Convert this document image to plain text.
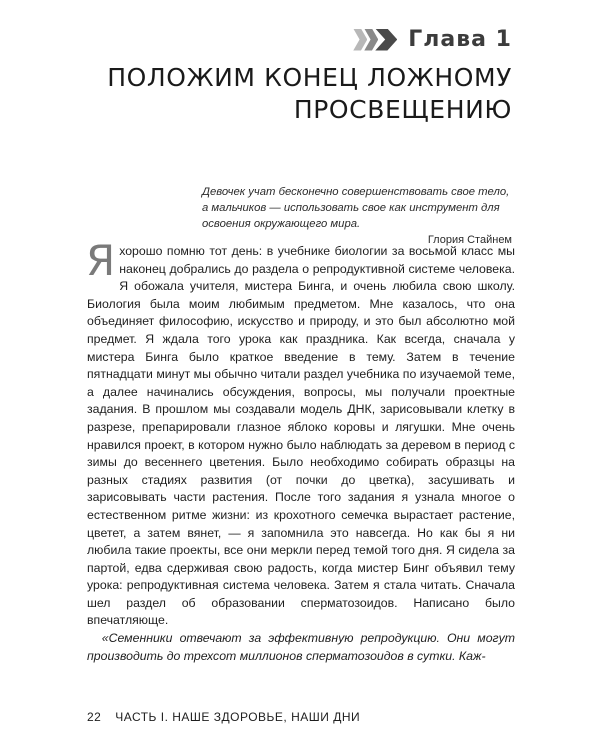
Глава 1
ПОЛОЖИМ КОНЕЦ ЛОЖНОМУ
ПРОСВЕЩЕНИЮ
Девочек учат бесконечно совершенствовать свое тело, а мальчиков — использовать свое как инструмент для освоения окружающего мира.
Глория Стайнем

Я хорошо помню тот день: в учебнике биологии за восьмой класс мы наконец добрались до раздела о репродуктивной системе человека. Я обожала учителя, мистера Бинга, и очень любила свою школу. Биология была моим любимым предметом. Мне казалось, что она объединяет философию, искусство и природу, и это был абсолютно мой предмет. Я ждала того урока как праздника. Как всегда, сначала у мистера Бинга было краткое введение в тему. Затем в течение пятнадцати минут мы обычно читали раздел учебника по изучаемой теме, а далее начинались обсуждения, вопросы, мы получали проектные задания. В прошлом мы создавали модель ДНК, зарисовывали клетку в разрезе, препарировали глазное яблоко коровы и лягушки. Мне очень нравился проект, в котором нужно было наблюдать за деревом в период с зимы до весеннего цветения. Было необходимо собирать образцы на разных стадиях развития (от почки до цветка), засушивать и зарисовывать части растения. После того задания я узнала многое о естественном ритме жизни: из крохотного семечка вырастает растение, цветет, а затем вянет, — я запомнила это навсегда. Но как бы я ни любила такие проекты, все они меркли перед темой того дня. Я сидела за партой, едва сдерживая свою радость, когда мистер Бинг объявил тему урока: репродуктивная система человека. Затем я стала читать. Сначала шел раздел об образовании сперматозоидов. Написано было впечатляюще.

«Семенники отвечают за эффективную репродукцию. Они могут производить до трехсот миллионов сперматозоидов в сутки. Каж-

22 ЧАСТЬ I. НАШЕ ЗДОРОВЬЕ, НАШИ ДНИ
